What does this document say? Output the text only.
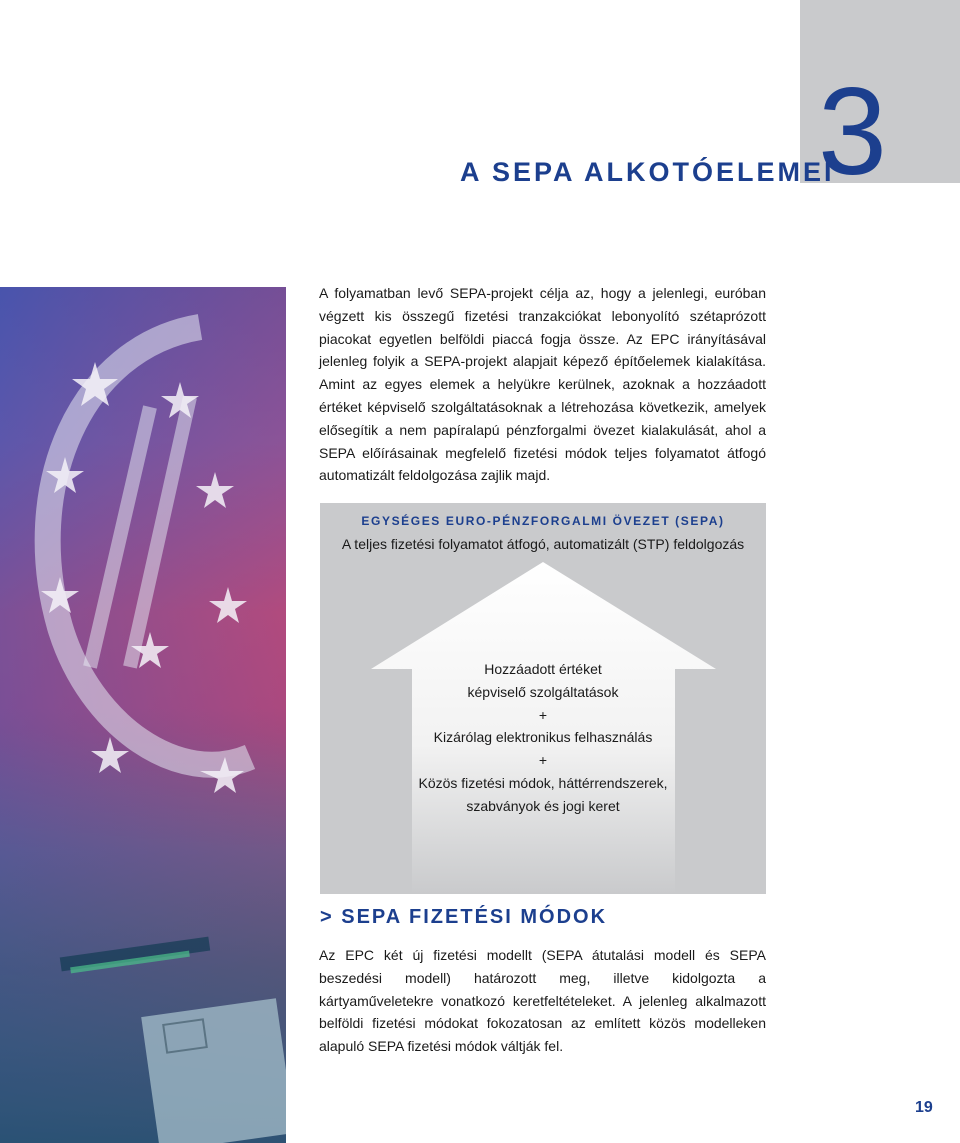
3
A SEPA ALKOTÓELEMEI

A folyamatban levő SEPA-projekt célja az, hogy a jelenlegi, euróban végzett kis összegű fizetési tranzakciókat lebonyolító szétaprózott piacokat egyetlen belföldi piaccá fogja össze. Az EPC irányításával jelenleg folyik a SEPA-projekt alapjait képező építőelemek kialakítása. Amint az egyes elemek a helyükre kerülnek, azoknak a hozzáadott értéket képviselő szolgáltatásoknak a létrehozása következik, amelyek elősegítik a nem papíralapú pénzforgalmi övezet kialakulását, ahol a SEPA előírásainak megfelelő fizetési módok teljes folyamatot átfogó automatizált feldolgozása zajlik majd.

EGYSÉGES EURO-PÉNZFORGALMI ÖVEZET (SEPA)
A teljes fizetési folyamatot átfogó, automatizált (STP) feldolgozás
Hozzáadott értéket
képviselő szolgáltatások
+
Kizárólag elektronikus felhasználás
+
Közös fizetési módok, háttérrendszerek,
szabványok és jogi keret
> SEPA FIZETÉSI MÓDOK

Az EPC két új fizetési modellt (SEPA átutalási modell és SEPA beszedési modell) határozott meg, illetve kidolgozta a kártyaműveletekre vonatkozó keretfeltételeket. A jelenleg alkalmazott belföldi fizetési módokat fokozatosan az említett közös modelleken alapuló SEPA fizetési módok váltják fel.

19
